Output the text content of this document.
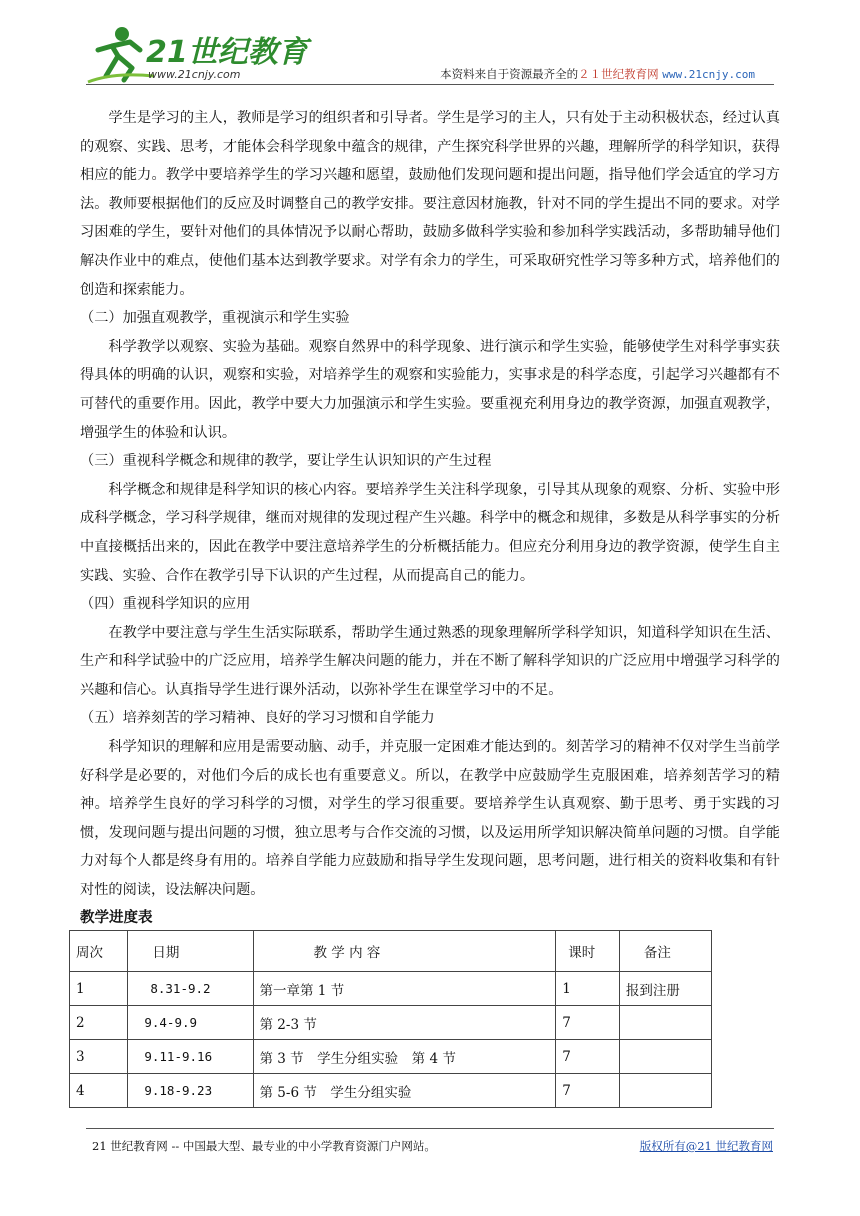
21世纪教育
www.21cnjy.com	本资料来自于资源最齐全的２１世纪教育网 www.21cnjy.com

学生是学习的主人，教师是学习的组织者和引导者。学生是学习的主人，只有处于主动积极状态，经过认真的观察、实践、思考，才能体会科学现象中蕴含的规律，产生探究科学世界的兴趣，理解所学的科学知识，获得相应的能力。教学中要培养学生的学习兴趣和愿望，鼓励他们发现问题和提出问题，指导他们学会适宜的学习方法。教师要根据他们的反应及时调整自己的教学安排。要注意因材施教，针对不同的学生提出不同的要求。对学习困难的学生，要针对他们的具体情况予以耐心帮助，鼓励多做科学实验和参加科学实践活动，多帮助辅导他们解决作业中的难点，使他们基本达到教学要求。对学有余力的学生，可采取研究性学习等多种方式，培养他们的创造和探索能力。

（二）加强直观教学，重视演示和学生实验

科学教学以观察、实验为基础。观察自然界中的科学现象、进行演示和学生实验，能够使学生对科学事实获得具体的明确的认识，观察和实验，对培养学生的观察和实验能力，实事求是的科学态度，引起学习兴趣都有不可替代的重要作用。因此，教学中要大力加强演示和学生实验。要重视充利用身边的教学资源，加强直观教学，增强学生的体验和认识。

（三）重视科学概念和规律的教学，要让学生认识知识的产生过程

科学概念和规律是科学知识的核心内容。要培养学生关注科学现象，引导其从现象的观察、分析、实验中形成科学概念，学习科学规律，继而对规律的发现过程产生兴趣。科学中的概念和规律，多数是从科学事实的分析中直接概括出来的，因此在教学中要注意培养学生的分析概括能力。但应充分利用身边的教学资源，使学生自主实践、实验、合作在教学引导下认识的产生过程，从而提高自己的能力。

（四）重视科学知识的应用

在教学中要注意与学生生活实际联系，帮助学生通过熟悉的现象理解所学科学知识，知道科学知识在生活、生产和科学试验中的广泛应用，培养学生解决问题的能力，并在不断了解科学知识的广泛应用中增强学习科学的兴趣和信心。认真指导学生进行课外活动，以弥补学生在课堂学习中的不足。

（五）培养刻苦的学习精神、良好的学习习惯和自学能力

科学知识的理解和应用是需要动脑、动手，并克服一定困难才能达到的。刻苦学习的精神不仅对学生当前学好科学是必要的，对他们今后的成长也有重要意义。所以，在教学中应鼓励学生克服困难，培养刻苦学习的精神。培养学生良好的学习科学的习惯，对学生的学习很重要。要培养学生认真观察、勤于思考、勇于实践的习惯，发现问题与提出问题的习惯，独立思考与合作交流的习惯，以及运用所学知识解决简单问题的习惯。自学能力对每个人都是终身有用的。培养自学能力应鼓励和指导学生发现问题，思考问题，进行相关的资料收集和有针对性的阅读，设法解决问题。

教学进度表
周次	日期	教 学 内 容	课时	备注
1	8.31-9.2	第一章第 1 节	1	报到注册
2	9.4-9.9	第 2-3 节	7	
3	9.11-9.16	第 3 节　学生分组实验　第 4 节	7	
4	9.18-9.23	第 5-6 节　学生分组实验	7	
21 世纪教育网 -- 中国最大型、最专业的中小学教育资源门户网站。	版权所有@21 世纪教育网
